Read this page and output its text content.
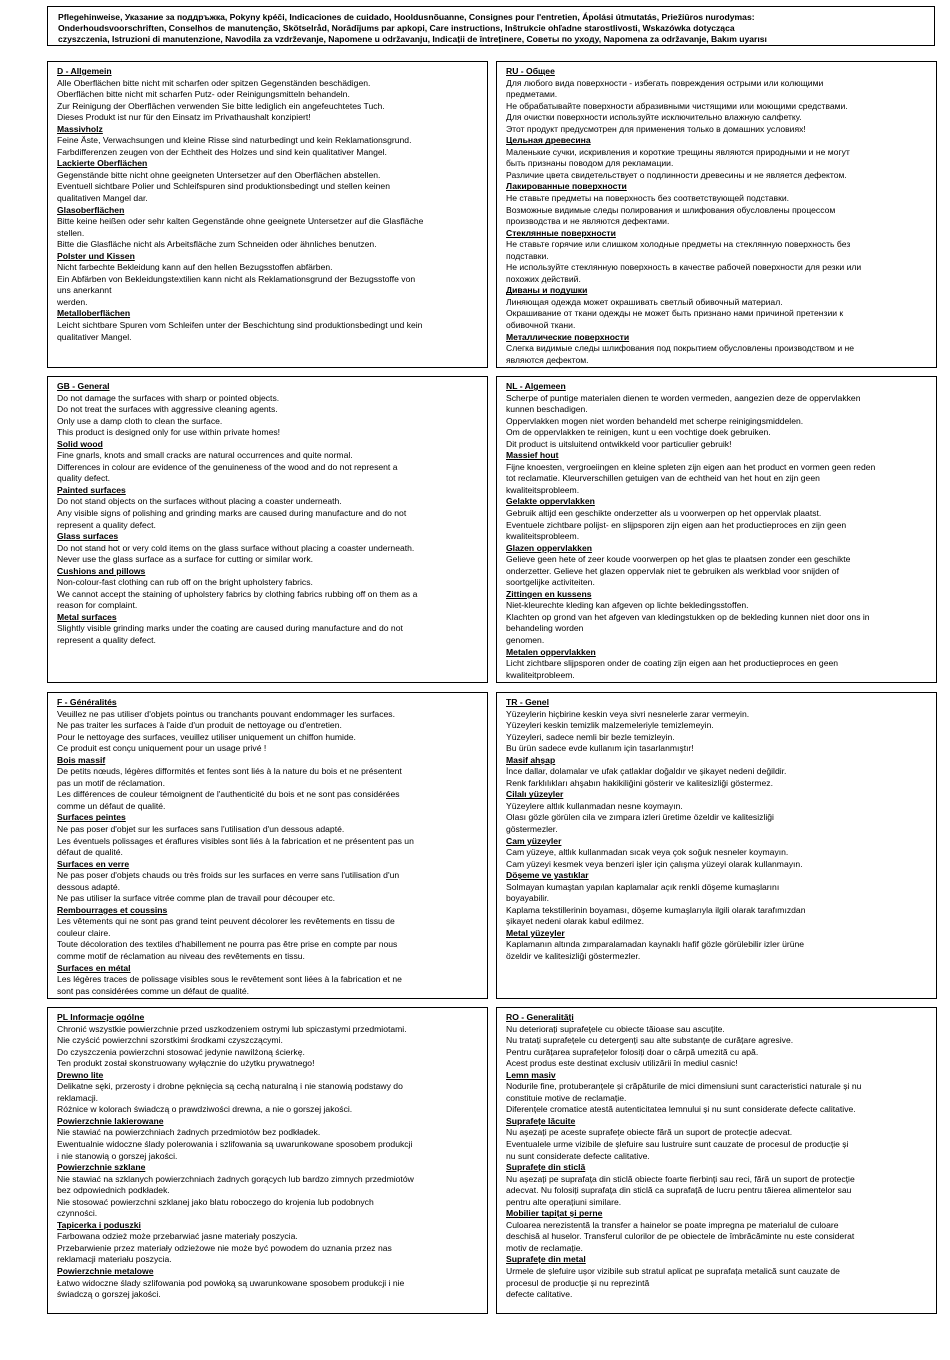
Pflegehinweise, Указание за поддръжка, Pokyny kpéči, Indicaciones de cuidado, Hooldusnõuanne, Consignes pour l'entretien, Ápolási útmutatás, Priežiūros nurodymas:
Onderhoudsvoorschriften, Conselhos de manutenção, Skötselråd, Norādījums par apkopi, Care instructions, Inštrukcie ohľadne starostlivosti, Wskazówka dotycząca
czyszczenia, Istruzioni di manutenzione, Navodila za vzdrževanje, Napomene u održavanju, Indicații de întreținere, Советы по уходу, Napomena za održavanje, Bakım uyarısı

D - Allgemein

Alle Oberflächen bitte nicht mit scharfen oder spitzen Gegenständen beschädigen.

Oberflächen bitte nicht mit scharfen Putz- oder Reinigungsmitteln behandeln.

Zur Reinigung der Oberflächen verwenden Sie bitte lediglich ein angefeuchtetes Tuch.

Dieses Produkt ist nur für den Einsatz im Privathaushalt konzipiert!

Massivholz

Feine Äste, Verwachsungen und kleine Risse sind naturbedingt und kein Reklamationsgrund.

Farbdifferenzen zeugen von der Echtheit des Holzes und sind kein qualitativer Mangel.

Lackierte Oberflächen

Gegenstände bitte nicht ohne geeigneten Untersetzer auf den Oberflächen abstellen.

Eventuell sichtbare Polier und Schleifspuren sind produktionsbedingt und stellen keinen

qualitativen Mangel dar.

Glasoberflächen

Bitte keine heißen oder sehr kalten Gegenstände ohne geeignete Untersetzer auf die Glasfläche

stellen.

Bitte die Glasfläche nicht als Arbeitsfläche zum Schneiden oder ähnliches benutzen.

Polster und Kissen

Nicht farbechte Bekleidung kann auf den hellen Bezugsstoffen abfärben.

Ein Abfärben von Bekleidungstextilien kann nicht als Reklamationsgrund der Bezugsstoffe von

uns anerkannt

werden.

Metalloberflächen

Leicht sichtbare Spuren vom Schleifen unter der Beschichtung sind produktionsbedingt und kein

qualitativer Mangel.

RU - Общее

Для любого вида поверхности - избегать повреждения острыми или колющими

предметами.

Не обрабатывайте поверхности абразивными чистящими или моющими средствами.

Для очистки поверхности используйте исключительно влажную салфетку.

Этот продукт предусмотрен для применения только в домашних условиях!

Цельная древесина

Маленькие сучки, искривления и короткие трещины являются природными и не могут

быть признаны поводом для рекламации.

Различие цвета свидетельствует о подлинности древесины и не является дефектом.

Лакированные поверхности

Не ставьте предметы на поверхность без соответствующей подставки.

Возможные видимые следы полирования и шлифования обусловлены процессом

производства и не являются дефектами.

Стеклянные поверхности

Не ставьте горячие или слишком холодные предметы на стеклянную поверхность без

подставки.

Не используйте стеклянную поверхность в качестве рабочей поверхности для резки или

похожих действий.

Диваны и подушки

Линяющая одежда может окрашивать светлый обивочный материал.

Окрашивание от ткани одежды не может быть признано нами причиной претензии к

обивочной ткани.

Металлические поверхности

Слегка видимые следы шлифования под покрытием обусловлены производством и не

являются дефектом.

GB - General

Do not damage the surfaces with sharp or pointed objects.

Do not treat the surfaces with aggressive cleaning agents.

Only use a damp cloth to clean the surface.

This product is designed only for use within private homes!

Solid wood

Fine gnarls, knots and small cracks are natural occurrences and quite normal.

Differences in colour are evidence of the genuineness of the wood and do not represent a

quality defect.

Painted surfaces

Do not stand objects on the surfaces without placing a coaster underneath.

Any visible signs of polishing and grinding marks are caused during manufacture and do not

represent a quality defect.

Glass surfaces

Do not stand hot or very cold items on the glass surface without placing a coaster underneath.

Never use the glass surface as a surface for cutting or similar work.

Cushions and pillows

Non-colour-fast clothing can rub off on the bright upholstery fabrics.

We cannot accept the staining of upholstery fabrics by clothing fabrics rubbing off on them as a

reason for complaint.

Metal surfaces

Slightly visible grinding marks under the coating are caused during manufacture and do not

represent a quality defect.

NL - Algemeen

Scherpe of puntige materialen dienen te worden vermeden, aangezien deze de oppervlakken

kunnen beschadigen.

Oppervlakken mogen niet worden behandeld met scherpe reinigingsmiddelen.

Om de oppervlakken te reinigen, kunt u een vochtige doek gebruiken.

Dit product is uitsluitend ontwikkeld voor particulier gebruik!

Massief hout

Fijne knoesten, vergroeiingen en kleine spleten zijn eigen aan het product en vormen geen reden

tot reclamatie. Kleurverschillen getuigen van de echtheid van het hout en zijn geen

kwaliteitsprobleem.

Gelakte oppervlakken

Gebruik altijd een geschikte onderzetter als u voorwerpen op het oppervlak plaatst.

Eventuele zichtbare polijst- en slijpsporen zijn eigen aan het productieproces en zijn geen

kwaliteitsprobleem.

Glazen oppervlakken

Gelieve geen hete of zeer koude voorwerpen op het glas te plaatsen zonder een geschikte

onderzetter. Gelieve het glazen oppervlak niet te gebruiken als werkblad voor snijden of

soortgelijke activiteiten.

Zittingen en kussens

Niet-kleurechte kleding kan afgeven op lichte bekledingsstoffen.

Klachten op grond van het afgeven van kledingstukken op de bekleding kunnen niet door ons in

behandeling worden

genomen.

Metalen oppervlakken

Licht zichtbare slijpsporen onder de coating zijn eigen aan het productieproces en geen

kwaliteitprobleem.

F - Généralités

Veuillez ne pas utiliser d'objets pointus ou tranchants pouvant endommager les surfaces.

Ne pas traiter les surfaces à l'aide d'un produit de nettoyage ou d'entretien.

Pour le nettoyage des surfaces, veuillez utiliser uniquement un chiffon humide.

Ce produit est conçu uniquement pour un usage privé !

Bois massif

De petits nœuds, légères difformités et fentes sont liés à la nature du bois et ne présentent

pas un motif de réclamation.

Les différences de couleur témoignent de l'authenticité du bois et ne sont pas considérées

comme un défaut de qualité.

Surfaces peintes

Ne pas poser d'objet sur les surfaces sans l'utilisation d'un dessous adapté.

Les éventuels polissages et éraflures visibles sont liés à la fabrication et ne présentent pas un

défaut de qualité.

Surfaces en verre

Ne pas poser d'objets chauds ou très froids sur les surfaces en verre sans l'utilisation d'un

dessous adapté.

Ne pas utiliser la surface vitrée comme plan de travail pour découper etc.

Rembourrages et coussins

Les vêtements qui ne sont pas grand teint peuvent décolorer les revêtements en tissu de

couleur claire.

Toute décoloration des textiles d'habillement ne pourra pas être prise en compte par nous

comme motif de réclamation au niveau des revêtements en tissu.

Surfaces en métal

Les légères traces de polissage visibles sous le revêtement sont liées à la fabrication et ne

sont pas considérées comme un défaut de qualité.

TR - Genel

Yüzeylerin hiçbirine keskin veya sivri nesnelerle zarar vermeyin.

Yüzeyleri keskin temizlik malzemeleriyle temizlemeyin.

Yüzeyleri, sadece nemli bir bezle temizleyin.

Bu ürün sadece evde kullanım için tasarlanmıştır!

Masif ahşap

İnce dallar, dolamalar ve ufak çatlaklar doğaldır ve şikayet nedeni değildir.

Renk farklılıkları ahşabın hakikiliğini gösterir ve kalitesizliği göstermez.

Cilalı yüzeyler

Yüzeylere altlık kullanmadan nesne koymayın.

Olası gözle görülen cila ve zımpara izleri üretime özeldir ve kalitesizliği

göstermezler.

Cam yüzeyler

Cam yüzeye, altlık kullanmadan sıcak veya çok soğuk nesneler koymayın.

Cam yüzeyi kesmek veya benzeri işler için çalışma yüzeyi olarak kullanmayın.

Döşeme ve yastıklar

Solmayan kumaştan yapılan kaplamalar açık renkli döşeme kumaşlarını

boyayabilir.

Kaplama tekstillerinin boyaması, döşeme kumaşlarıyla ilgili olarak tarafımızdan

şikayet nedeni olarak kabul edilmez.

Metal yüzeyler

Kaplamanın altında zımparalamadan kaynaklı hafif gözle görülebilir izler ürüne

özeldir ve kalitesizliği göstermezler.

PL Informacje ogólne

Chronić wszystkie powierzchnie przed uszkodzeniem ostrymi lub spiczastymi przedmiotami.

Nie czyścić powierzchni szorstkimi środkami czyszczącymi.

Do czyszczenia powierzchni stosować jedynie nawilżoną ścierkę.

Ten produkt został skonstruowany wyłącznie do użytku prywatnego!

Drewno lite

Delikatne sęki, przerosty i drobne pęknięcia są cechą naturalną i nie stanowią podstawy do

reklamacji.

Różnice w kolorach świadczą o prawdziwości drewna, a nie o gorszej jakości.

Powierzchnie lakierowane

Nie stawiać na powierzchniach żadnych przedmiotów bez podkładek.

Ewentualnie widoczne ślady polerowania i szlifowania są uwarunkowane sposobem produkcji

i nie stanowią o gorszej jakości.

Powierzchnie szklane

Nie stawiać na szklanych powierzchniach żadnych gorących lub bardzo zimnych przedmiotów

bez odpowiednich podkładek.

Nie stosować powierzchni szklanej jako blatu roboczego do krojenia lub podobnych

czynności.

Tapicerka i poduszki

Farbowana odzież może przebarwiać jasne materiały poszycia.

Przebarwienie przez materiały odzieżowe nie może być powodem do uznania przez nas

reklamacji materiału poszycia.

Powierzchnie metalowe

Łatwo widoczne ślady szlifowania pod powłoką są uwarunkowane sposobem produkcji i nie

świadczą o gorszej jakości.

RO - Generalități

Nu deteriorați suprafețele cu obiecte tăioase sau ascuțite.

Nu tratați suprafețele cu detergenți sau alte substanțe de curățare agresive.

Pentru curățarea suprafețelor folosiți doar o cârpă umezită cu apă.

Acest produs este destinat exclusiv utilizării în mediul casnic!

Lemn masiv

Nodurile fine, protuberanțele și crăpăturile de mici dimensiuni sunt caracteristici naturale și nu

constituie motive de reclamație.

Diferențele cromatice atestă autenticitatea lemnului și nu sunt considerate defecte calitative.

Suprafețe lăcuite

Nu așezați pe aceste suprafețe obiecte fără un suport de protecție adecvat.

Eventualele urme vizibile de șlefuire sau lustruire sunt cauzate de procesul de producție și

nu sunt considerate defecte calitative.

Suprafețe din sticlă

Nu așezați pe suprafața din sticlă obiecte foarte fierbinți sau reci, fără un suport de protecție

adecvat. Nu folosiți suprafața din sticlă ca suprafață de lucru pentru tăierea alimentelor sau

pentru alte operațiuni similare.

Mobilier tapițat și perne

Culoarea nerezistentă la transfer a hainelor se poate impregna pe materialul de culoare

deschisă al huselor. Transferul culorilor de pe obiectele de îmbrăcăminte nu este considerat

motiv de reclamație.

Suprafețe din metal

Urmele de șlefuire ușor vizibile sub stratul aplicat pe suprafața metalică sunt cauzate de

procesul de producție și nu reprezintă

defecte calitative.
